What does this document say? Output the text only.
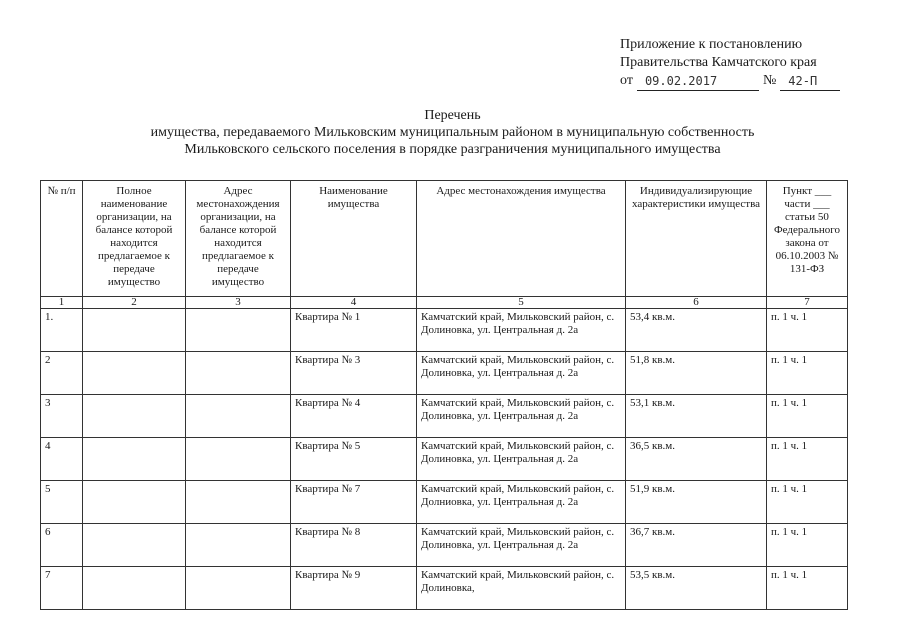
Приложение к постановлению
Правительства Камчатского края
от	09.02.2017	№	42-П
Перечень
имущества, передаваемого Мильковским муниципальным районом в муниципальную собственность
Мильковского сельского поселения в порядке разграничения муниципального имущества
№ п/п	Полное наименование организации, на балансе которой находится предлагаемое к передаче имущество	Адрес местонахождения организации, на балансе которой находится предлагаемое к передаче имущество	Наименование имущества	Адрес местонахождения имущества	Индивидуализирующие характеристики имущества	Пункт ___ части ___ статьи 50 Федерального закона от 06.10.2003 № 131-ФЗ
1	2	3	4	5	6	7
1.			Квартира № 1	Камчатский край, Мильковский район, с. Долиновка, ул. Центральная д. 2а	53,4 кв.м.	п. 1 ч. 1
2			Квартира № 3	Камчатский край, Мильковский район, с. Долиновка, ул. Центральная д. 2а	51,8 кв.м.	п. 1 ч. 1
3			Квартира № 4	Камчатский край, Мильковский район, с. Долиновка, ул. Центральная д. 2а	53,1 кв.м.	п. 1 ч. 1
4			Квартира № 5	Камчатский край, Мильковский район, с. Долиновка, ул. Центральная д. 2а	36,5 кв.м.	п. 1 ч. 1
5			Квартира № 7	Камчатский край, Мильковский район, с. Долниовка, ул. Центральная д. 2а	51,9 кв.м.	п. 1 ч. 1
6			Квартира № 8	Камчатский край, Мильковский район, с. Долиновка, ул. Центральная д. 2а	36,7 кв.м.	п. 1 ч. 1
7			Квартира № 9	Камчатский край, Мильковский район, с. Долиновка,	53,5 кв.м.	п. 1 ч. 1
